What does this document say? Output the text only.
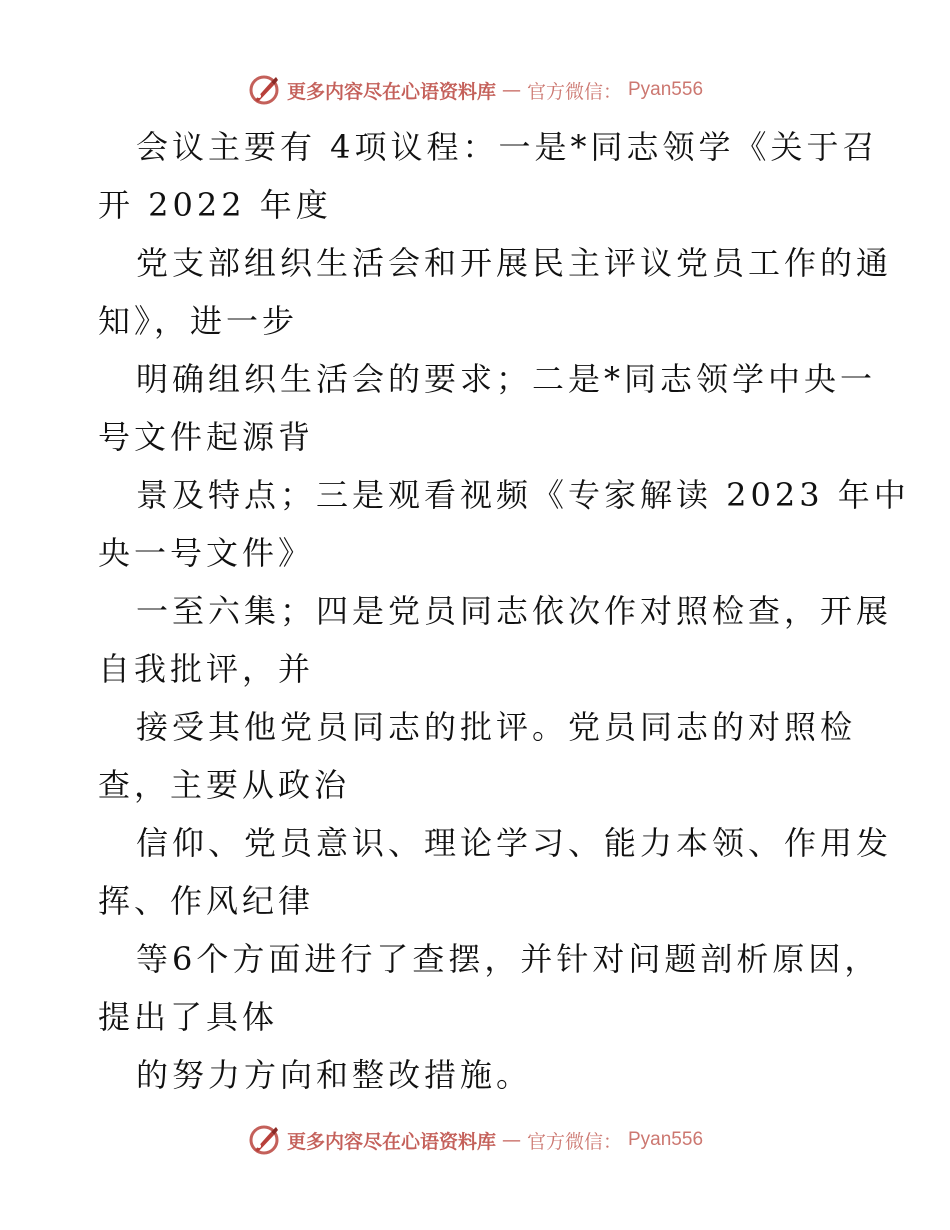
更多内容尽在心语资料库 — 官方微信： Pyan556
会议主要有 4项议程：一是*同志领学《关于召
开 2022 年度
党支部组织生活会和开展民主评议党员工作的通
知》，进一步
明确组织生活会的要求；二是*同志领学中央一
号文件起源背
景及特点；三是观看视频《专家解读 2023 年中
央一号文件》
一至六集；四是党员同志依次作对照检查，开展
自我批评，并
接受其他党员同志的批评。党员同志的对照检
查，主要从政治
信仰、党员意识、理论学习、能力本领、作用发
挥、作风纪律
等6个方面进行了查摆，并针对问题剖析原因，
提出了具体
的努力方向和整改措施。
更多内容尽在心语资料库 — 官方微信： Pyan556
